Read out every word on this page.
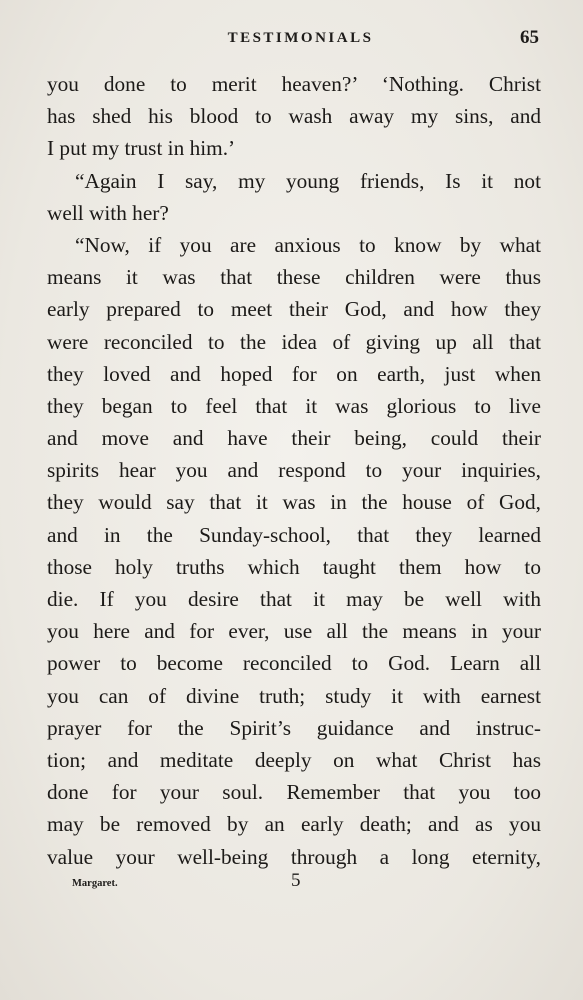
TESTIMONIALS	65
you done to merit heaven?’ ‘Nothing. Christ
has shed his blood to wash away my sins, and
I put my trust in him.’
“Again I say, my young friends, Is it not
well with her?
“Now, if you are anxious to know by what
means it was that these children were thus
early prepared to meet their God, and how they
were reconciled to the idea of giving up all that
they loved and hoped for on earth, just when
they began to feel that it was glorious to live
and move and have their being, could their
spirits hear you and respond to your inquiries,
they would say that it was in the house of God,
and in the Sunday-school, that they learned
those holy truths which taught them how to
die. If you desire that it may be well with
you here and for ever, use all the means in your
power to become reconciled to God. Learn all
you can of divine truth; study it with earnest
prayer for the Spirit’s guidance and instruc-
tion; and meditate deeply on what Christ has
done for your soul. Remember that you too
may be removed by an early death; and as you
value your well-being through a long eternity,
Margaret.	5
